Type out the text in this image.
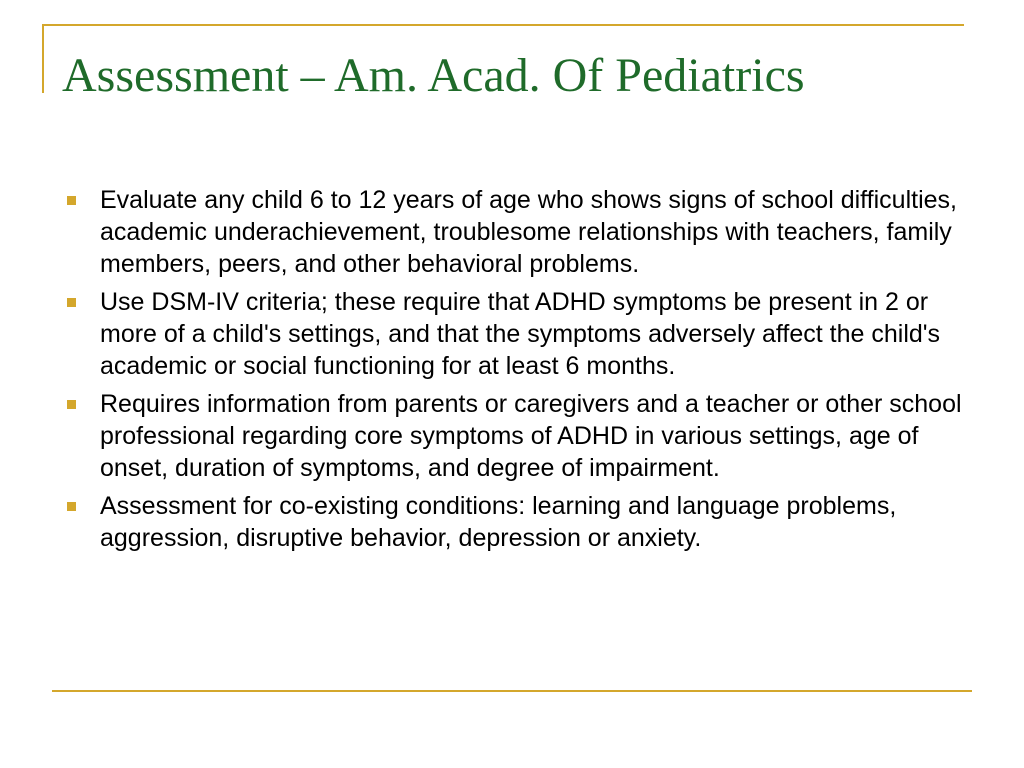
Assessment – Am. Acad. Of Pediatrics
Evaluate any child 6 to 12 years of age who shows signs of school difficulties, academic underachievement, troublesome relationships with teachers, family members, peers, and other behavioral problems.
Use DSM-IV criteria; these require that ADHD symptoms be present in 2 or more of a child's settings, and that the symptoms adversely affect the child's academic or social functioning for at least 6 months.
Requires information from parents or caregivers and a teacher or other school professional regarding core symptoms of ADHD in various settings, age of onset, duration of symptoms, and degree of impairment.
Assessment for co-existing conditions: learning and language problems, aggression, disruptive behavior, depression or anxiety.
